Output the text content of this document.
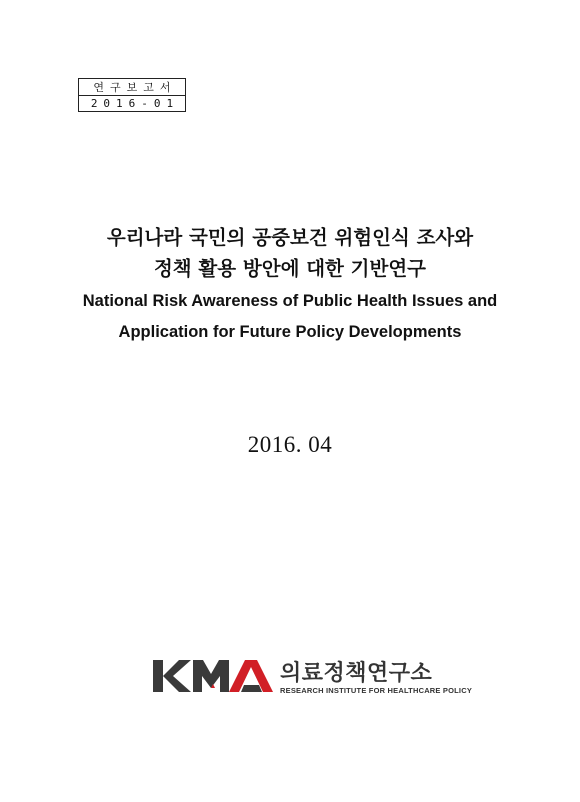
연구보고서
2016-01

우리나라 국민의 공중보건 위험인식 조사와

정책 활용 방안에 대한 기반연구

National Risk Awareness of Public Health Issues and
Application for Future Policy Developments
2016. 04
의료정책연구소
RESEARCH INSTITUTE FOR HEALTHCARE POLICY
